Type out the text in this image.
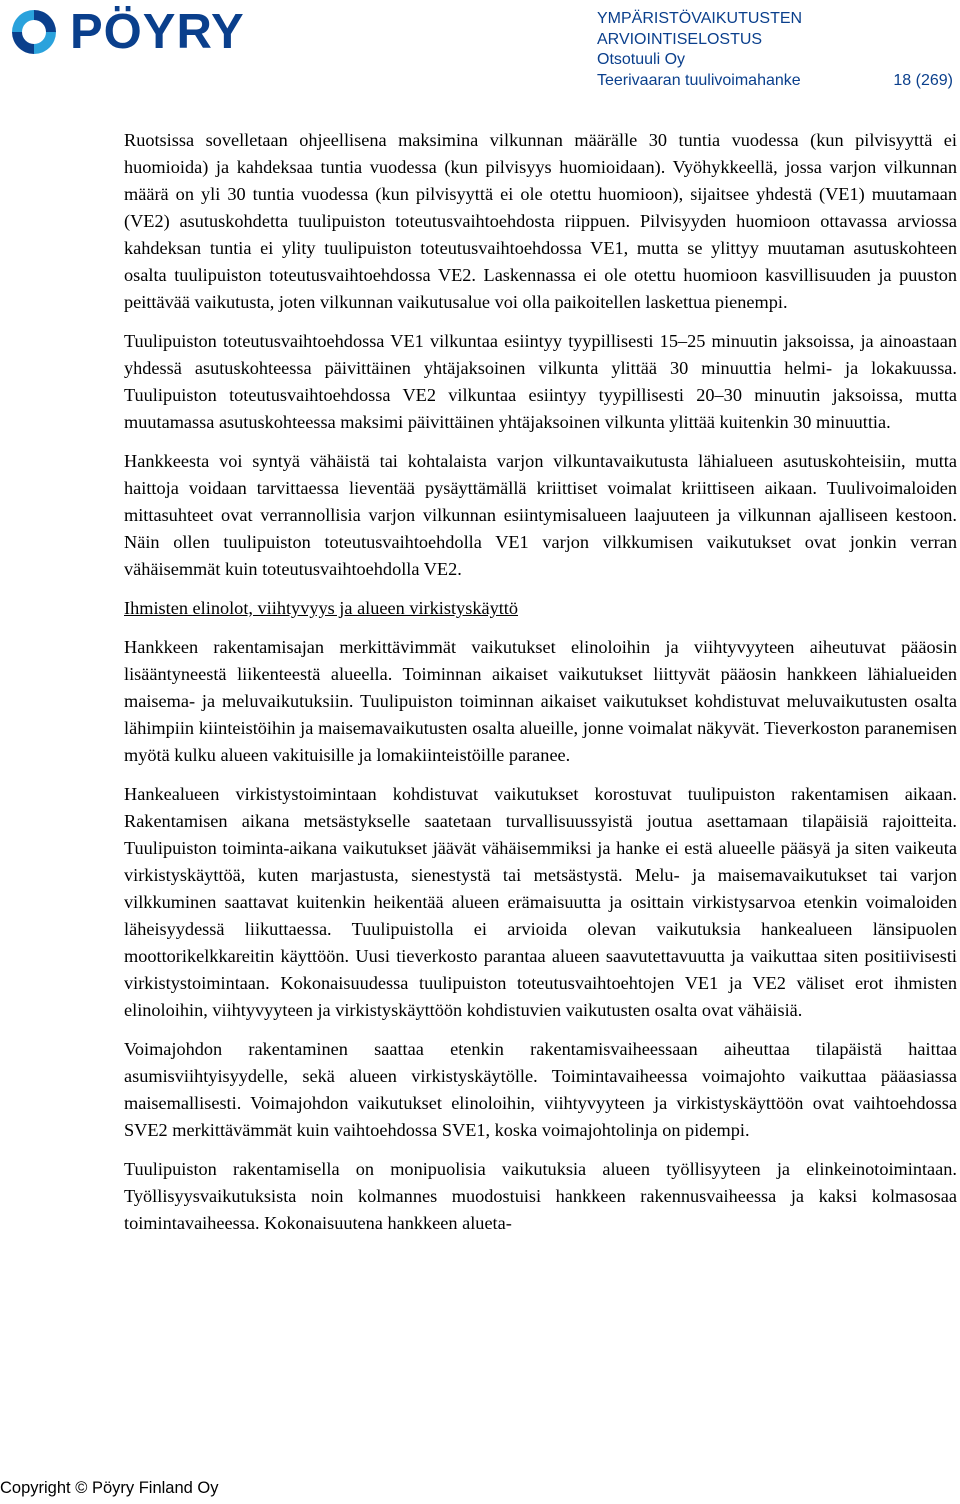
PÖYRY	YMPÄRISTÖVAIKUTUSTEN
ARVIOINTISELOSTUS
Otsotuuli Oy
Teerivaaran tuulivoimahanke	18 (269)

Ruotsissa sovelletaan ohjeellisena maksimina vilkunnan määrälle 30 tuntia vuodessa (kun pilvisyyttä ei huomioida) ja kahdeksaa tuntia vuodessa (kun pilvisyys huomioidaan). Vyöhykkeellä, jossa varjon vilkunnan määrä on yli 30 tuntia vuodessa (kun pilvisyyttä ei ole otettu huomioon), sijaitsee yhdestä (VE1) muutamaan (VE2) asutuskohdetta tuulipuiston toteutusvaihtoehdosta riippuen. Pilvisyyden huomioon ottavassa arviossa kahdeksan tuntia ei ylity tuulipuiston toteutusvaihtoehdossa VE1, mutta se ylittyy muutaman asutuskohteen osalta tuulipuiston toteutusvaihtoehdossa VE2. Laskennassa ei ole otettu huomioon kasvillisuuden ja puuston peittävää vaikutusta, joten vilkunnan vaikutusalue voi olla paikoitellen laskettua pienempi.

Tuulipuiston toteutusvaihtoehdossa VE1 vilkuntaa esiintyy tyypillisesti 15–25 minuutin jaksoissa, ja ainoastaan yhdessä asutuskohteessa päivittäinen yhtäjaksoinen vilkunta ylittää 30 minuuttia helmi- ja lokakuussa. Tuulipuiston toteutusvaihtoehdossa VE2 vilkuntaa esiintyy tyypillisesti 20–30 minuutin jaksoissa, mutta muutamassa asutuskohteessa maksimi päivittäinen yhtäjaksoinen vilkunta ylittää kuitenkin 30 minuuttia.

Hankkeesta voi syntyä vähäistä tai kohtalaista varjon vilkuntavaikutusta lähialueen asutuskohteisiin, mutta haittoja voidaan tarvittaessa lieventää pysäyttämällä kriittiset voimalat kriittiseen aikaan. Tuulivoimaloiden mittasuhteet ovat verrannollisia varjon vilkunnan esiintymisalueen laajuuteen ja vilkunnan ajalliseen kestoon. Näin ollen tuulipuiston toteutusvaihtoehdolla VE1 varjon vilkkumisen vaikutukset ovat jonkin verran vähäisemmät kuin toteutusvaihtoehdolla VE2.

Ihmisten elinolot, viihtyvyys ja alueen virkistyskäyttö

Hankkeen rakentamisajan merkittävimmät vaikutukset elinoloihin ja viihtyvyyteen aiheutuvat pääosin lisääntyneestä liikenteestä alueella. Toiminnan aikaiset vaikutukset liittyvät pääosin hankkeen lähialueiden maisema- ja meluvaikutuksiin. Tuulipuiston toiminnan aikaiset vaikutukset kohdistuvat meluvaikutusten osalta lähimpiin kiinteistöihin ja maisemavaikutusten osalta alueille, jonne voimalat näkyvät. Tieverkoston paranemisen myötä kulku alueen vakituisille ja lomakiinteistöille paranee.

Hankealueen virkistystoimintaan kohdistuvat vaikutukset korostuvat tuulipuiston rakentamisen aikaan. Rakentamisen aikana metsästykselle saatetaan turvallisuussyistä joutua asettamaan tilapäisiä rajoitteita. Tuulipuiston toiminta-aikana vaikutukset jäävät vähäisemmiksi ja hanke ei estä alueelle pääsyä ja siten vaikeuta virkistyskäyttöä, kuten marjastusta, sienestystä tai metsästystä. Melu- ja maisemavaikutukset tai varjon vilkkuminen saattavat kuitenkin heikentää alueen erämaisuutta ja osittain virkistysarvoa etenkin voimaloiden läheisyydessä liikuttaessa. Tuulipuistolla ei arvioida olevan vaikutuksia hankealueen länsipuolen moottorikelkkareitin käyttöön. Uusi tieverkosto parantaa alueen saavutettavuutta ja vaikuttaa siten positiivisesti virkistystoimintaan. Kokonaisuudessa tuulipuiston toteutusvaihtoehtojen VE1 ja VE2 väliset erot ihmisten elinoloihin, viihtyvyyteen ja virkistyskäyttöön kohdistuvien vaikutusten osalta ovat vähäisiä.

Voimajohdon rakentaminen saattaa etenkin rakentamisvaiheessaan aiheuttaa tilapäistä haittaa asumisviihtyisyydelle, sekä alueen virkistyskäytölle. Toimintavaiheessa voimajohto vaikuttaa pääasiassa maisemallisesti. Voimajohdon vaikutukset elinoloihin, viihtyvyyteen ja virkistyskäyttöön ovat vaihtoehdossa SVE2 merkittävämmät kuin vaihtoehdossa SVE1, koska voimajohtolinja on pidempi.

Tuulipuiston rakentamisella on monipuolisia vaikutuksia alueen työllisyyteen ja elinkeinotoimintaan. Työllisyysvaikutuksista noin kolmannes muodostuisi hankkeen rakennusvaiheessa ja kaksi kolmasosaa toimintavaiheessa. Kokonaisuutena hankkeen alueta-

Copyright © Pöyry Finland Oy
